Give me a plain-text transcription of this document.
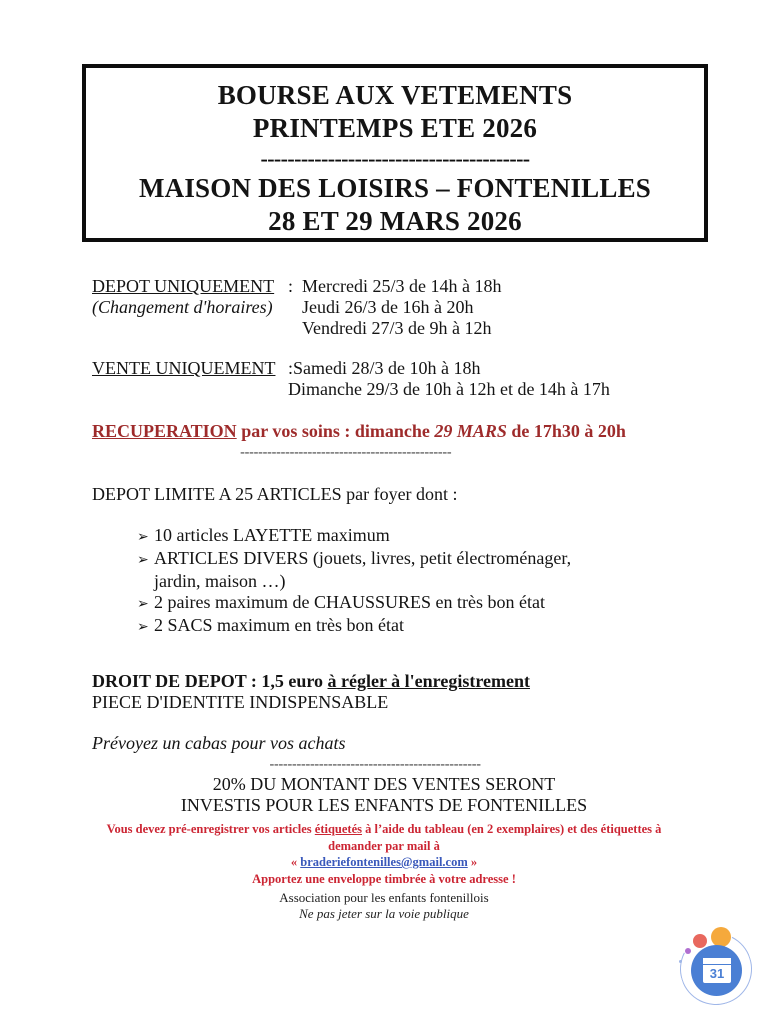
BOURSE AUX VETEMENTS
PRINTEMPS ETE 2026
----------------------------------------
MAISON DES LOISIRS – FONTENILLES
28 ET 29 MARS 2026
DEPOT UNIQUEMENT : Mercredi 25/3 de 14h à 18h
(Changement d'horaires) Jeudi 26/3 de 16h à 20h
Vendredi 27/3 de 9h à 12h
VENTE UNIQUEMENT :Samedi 28/3 de 10h à 18h
Dimanche 29/3 de 10h à 12h et de 14h à 17h
RECUPERATION par vos soins : dimanche 29 MARS de 17h30 à 20h
-----------------------------------------------
DEPOT LIMITE A 25 ARTICLES par foyer dont :
➢ 10 articles LAYETTE maximum
➢ ARTICLES DIVERS (jouets, livres, petit électroménager,
jardin, maison …)
➢ 2 paires maximum de CHAUSSURES en très bon état
➢ 2 SACS maximum en très bon état
DROIT DE DEPOT : 1,5 euro à régler à l'enregistrement
PIECE D'IDENTITE INDISPENSABLE
Prévoyez un cabas pour vos achats
-----------------------------------------------
20% DU MONTANT DES VENTES SERONT
INVESTIS POUR LES ENFANTS DE FONTENILLES
Vous devez pré-enregistrer vos articles étiquetés à l’aide du tableau (en 2 exemplaires) et des étiquettes à
demander par mail à
« braderiefontenilles@gmail.com »
Apportez une enveloppe timbrée à votre adresse !
Association pour les enfants fontenillois
Ne pas jeter sur la voie publique
31
